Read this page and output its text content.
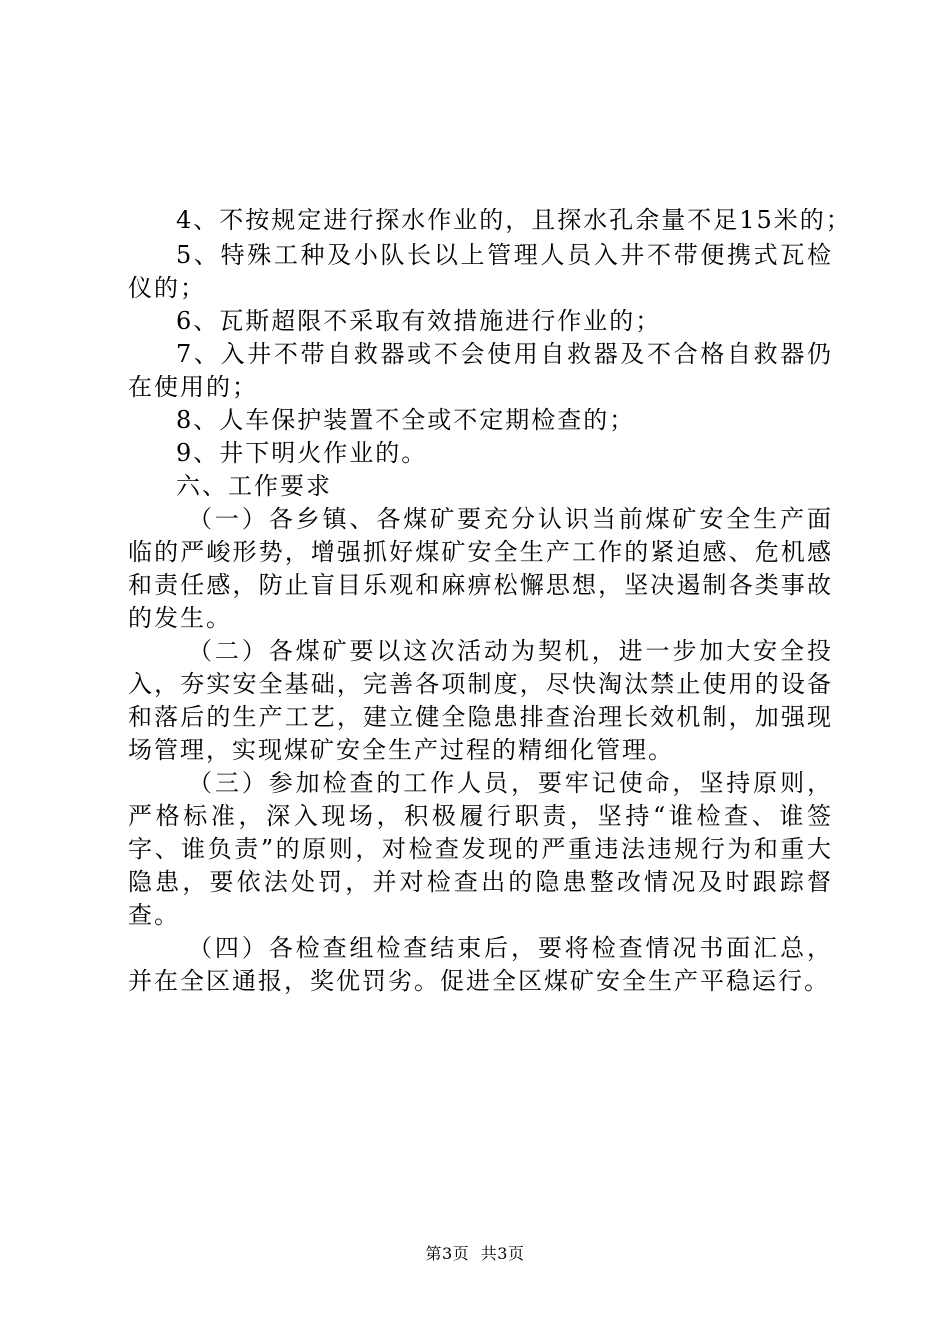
4、不按规定进行探水作业的，且探水孔余量不足15米的；

5、特殊工种及小队长以上管理人员入井不带便携式瓦检仪的；

6、瓦斯超限不采取有效措施进行作业的；

7、入井不带自救器或不会使用自救器及不合格自救器仍在使用的；

8、人车保护装置不全或不定期检查的；

9、井下明火作业的。

六、工作要求

（一）各乡镇、各煤矿要充分认识当前煤矿安全生产面临的严峻形势，增强抓好煤矿安全生产工作的紧迫感、危机感和责任感，防止盲目乐观和麻痹松懈思想，坚决遏制各类事故的发生。

（二）各煤矿要以这次活动为契机，进一步加大安全投入，夯实安全基础，完善各项制度，尽快淘汰禁止使用的设备和落后的生产工艺，建立健全隐患排查治理长效机制，加强现场管理，实现煤矿安全生产过程的精细化管理。

（三）参加检查的工作人员，要牢记使命，坚持原则，严格标准，深入现场，积极履行职责，坚持“谁检查、谁签字、谁负责”的原则，对检查发现的严重违法违规行为和重大隐患，要依法处罚，并对检查出的隐患整改情况及时跟踪督查。

（四）各检查组检查结束后，要将检查情况书面汇总，并在全区通报，奖优罚劣。促进全区煤矿安全生产平稳运行。

第3页 共3页
